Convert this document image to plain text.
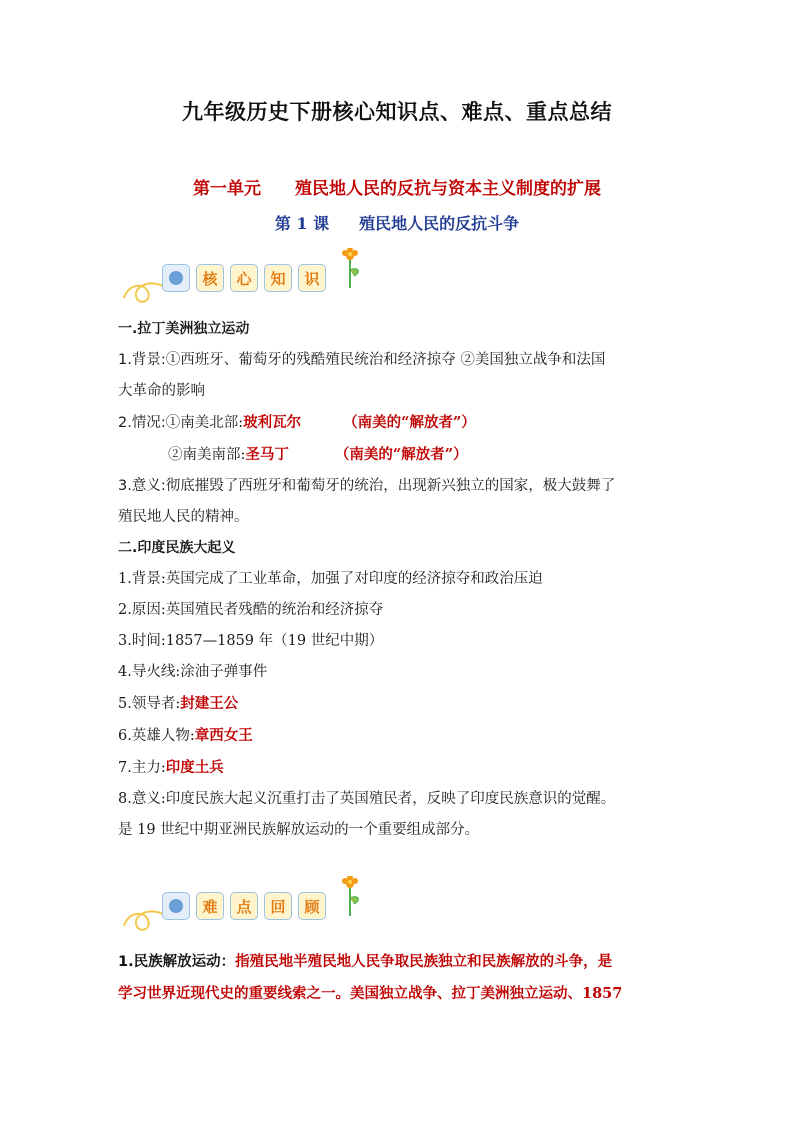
九年级历史下册核心知识点、难点、重点总结
第一单元 殖民地人民的反抗与资本主义制度的扩展
第 1 课 殖民地人民的反抗斗争
核	心	知	识

一.拉丁美洲独立运动

1.背景:①西班牙、葡萄牙的残酷殖民统治和经济掠夺 ②美国独立战争和法国

大革命的影响

2.情况:①南美北部:玻利瓦尔	（南美的“解放者”）

②南美南部:圣马丁	（南美的“解放者”）

3.意义:彻底摧毁了西班牙和葡萄牙的统治，出现新兴独立的国家，极大鼓舞了

殖民地人民的精神。

二.印度民族大起义

1.背景:英国完成了工业革命，加强了对印度的经济掠夺和政治压迫

2.原因:英国殖民者残酷的统治和经济掠夺

3.时间:1857—1859 年（19 世纪中期）

4.导火线:涂油子弹事件

5.领导者:封建王公

6.英雄人物:章西女王

7.主力:印度土兵

8.意义:印度民族大起义沉重打击了英国殖民者，反映了印度民族意识的觉醒。

是 19 世纪中期亚洲民族解放运动的一个重要组成部分。

难	点	回	顾

1.民族解放运动：指殖民地半殖民地人民争取民族独立和民族解放的斗争，是

学习世界近现代史的重要线索之一。美国独立战争、拉丁美洲独立运动、1857
